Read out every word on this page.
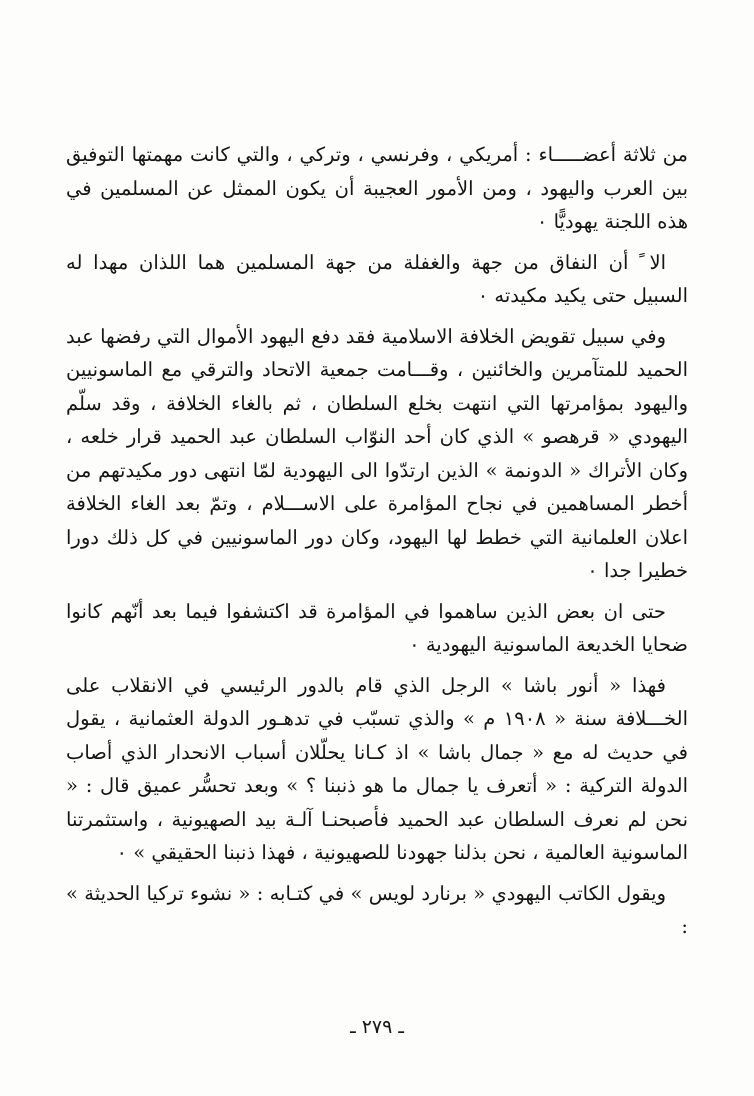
من ثلاثة أعضـــــاء : أمريكي ، وفرنسي ، وتركي ، والتي كانت مهمتها التوفيق بين العرب واليهود ، ومن الأمور العجيبة أن يكون الممثل عن المسلمين في هذه اللجنة يهوديًّا ٠

الا ً أن النفاق من جهة والغفلة من جهة المسلمين هما اللذان مهدا له السبيل حتى يكيد مكيدته ٠

وفي سبيل تقويض الخلافة الاسلامية فقد دفع اليهود الأموال التي رفضها عبد الحميد للمتآمرين والخائنين ، وقـــامت جمعية الاتحاد والترقي مع الماسونيين واليهود بمؤامرتها التي انتهت بخلع السلطان ، ثم بالغاء الخلافة ، وقد سلّم اليهودي « قرهصو » الذي كان أحد النوّاب السلطان عبد الحميد قرار خلعه ، وكان الأتراك « الدونمة » الذين ارتدّوا الى اليهودية لمّا انتهى دور مكيدتهم من أخطر المساهمين في نجاح المؤامرة على الاســـلام ، وتمّ بعد الغاء الخلافة اعلان العلمانية التي خطط لها اليهود، وكان دور الماسونيين في كل ذلك دورا خطيرا جدا ٠

حتى ان بعض الذين ساهموا في المؤامرة قد اكتشفوا فيما بعد أنّهم كانوا ضحايا الخديعة الماسونية اليهودية ٠

فهذا « أنور باشا » الرجل الذي قام بالدور الرئيسي في الانقلاب على الخـــلافة سنة « ١٩٠٨ م » والذي تسبّب في تدهـور الدولة العثمانية ، يقول في حديث له مع « جمال باشا » اذ كـانا يحلّلان أسباب الانحدار الذي أصاب الدولة التركية : « أتعرف يا جمال ما هو ذنبنا ؟ » وبعد تحسُّر عميق قال : « نحن لم نعرف السلطان عبد الحميد فأصبحنـا آلـة بيد الصهيونية ، واستثمرتنا الماسونية العالمية ، نحن بذلنا جهودنا للصهيونية ، فهذا ذنبنا الحقيقي » ٠

ويقول الكاتب اليهودي « برنارد لويس » في كتـابه : « نشوء تركيا الحديثة » :

ـ ٢٧٩ ـ
